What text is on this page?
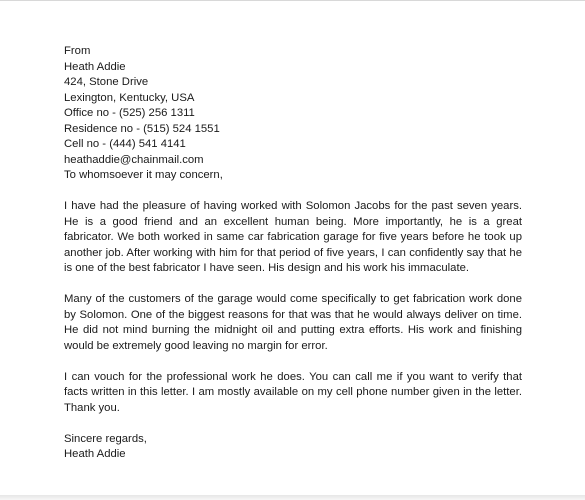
From
Heath Addie
424, Stone Drive
Lexington, Kentucky, USA
Office no - (525) 256 1311
Residence no - (515) 524 1551
Cell no - (444) 541 4141
heathaddie@chainmail.com
To whomsoever it may concern,

I have had the pleasure of having worked with Solomon Jacobs for the past seven years. He is a good friend and an excellent human being. More importantly, he is a great fabricator. We both worked in same car fabrication garage for five years before he took up another job. After working with him for that period of five years, I can confidently say that he is one of the best fabricator I have seen. His design and his work his immaculate.

Many of the customers of the garage would come specifically to get fabrication work done by Solomon. One of the biggest reasons for that was that he would always deliver on time. He did not mind burning the midnight oil and putting extra efforts. His work and finishing would be extremely good leaving no margin for error.

I can vouch for the professional work he does. You can call me if you want to verify that facts written in this letter. I am mostly available on my cell phone number given in the letter. Thank you.

Sincere regards,
Heath Addie
